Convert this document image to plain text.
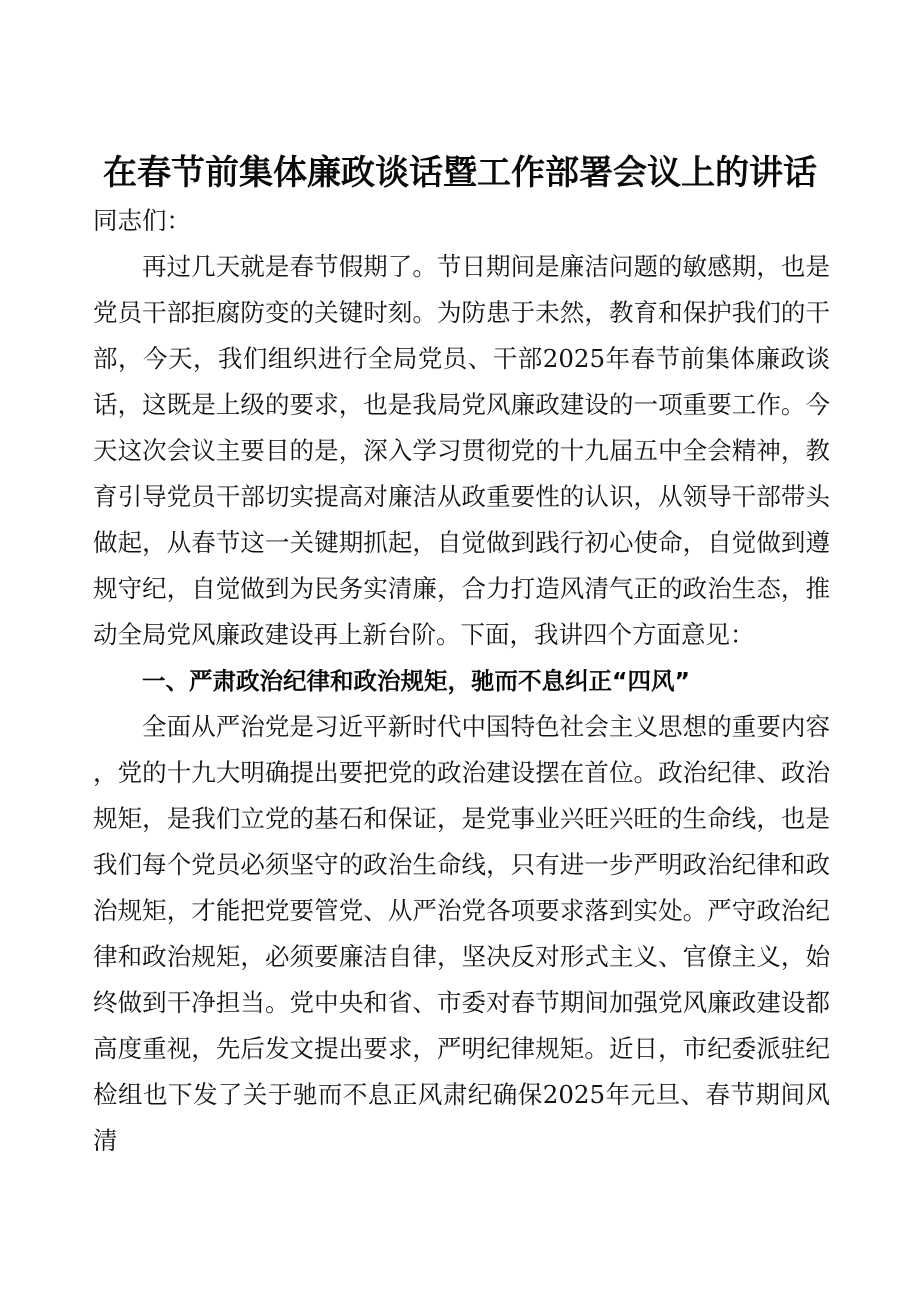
在春节前集体廉政谈话暨工作部署会议上的讲话

同志们：

再过几天就是春节假期了。节日期间是廉洁问题的敏感期，也是党员干部拒腐防变的关键时刻。为防患于未然，教育和保护我们的干部，今天，我们组织进行全局党员、干部2025年春节前集体廉政谈话，这既是上级的要求，也是我局党风廉政建设的一项重要工作。今天这次会议主要目的是，深入学习贯彻党的十九届五中全会精神，教育引导党员干部切实提高对廉洁从政重要性的认识，从领导干部带头做起，从春节这一关键期抓起，自觉做到践行初心使命，自觉做到遵规守纪，自觉做到为民务实清廉，合力打造风清气正的政治生态，推动全局党风廉政建设再上新台阶。下面，我讲四个方面意见：

一、严肃政治纪律和政治规矩，驰而不息纠正“四风”

全面从严治党是习近平新时代中国特色社会主义思想的重要内容，党的十九大明确提出要把党的政治建设摆在首位。政治纪律、政治规矩，是我们立党的基石和保证，是党事业兴旺兴旺的生命线，也是我们每个党员必须坚守的政治生命线，只有进一步严明政治纪律和政治规矩，才能把党要管党、从严治党各项要求落到实处。严守政治纪律和政治规矩，必须要廉洁自律，坚决反对形式主义、官僚主义，始终做到干净担当。党中央和省、市委对春节期间加强党风廉政建设都高度重视，先后发文提出要求，严明纪律规矩。近日，市纪委派驻纪检组也下发了关于驰而不息正风肃纪确保2025年元旦、春节期间风清
